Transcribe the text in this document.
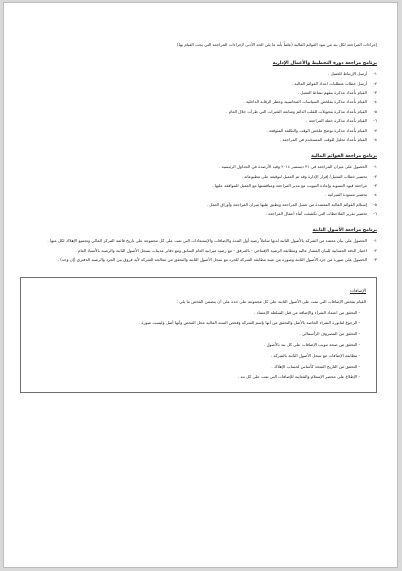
إجراءات المراجعة لكل بند من بنود القوائم المالية (علماً بأنه ما يلي الحد الأدنى لإجراءات المراجعة التي يجب القيام بها)

برنامج مراجعة دورة التخطيط والأعمال الإدارية
١-أرسل الإرتباط للعميل .
٢-أرسل خطاب متطلبات اعداد القوائم المالية .
٣-القيام بأعداد مذكرة بتفهم نشاط العميل .
٤-القيام بأعداد مذكرة بملخص السياسات المحاسبية وعطر الرقابة الداخلية .
٥-القيام بأعداد مذكرة بتحويلات للقلب الدائم ومتابعة التغيرات التي طرأت خلال العام .
٦-القيام بأعداد مذكرة خطة المراجعة .
٧-القيام بأعداد مذكرة توضح ملخص الوقت والتكلفة المتوقعة .
٨-القيام بأعداد تحليل للوقت المستخدم في المراجعة .
برنامج مراجعة القوائم المالية
١-الحصول على ميزان المراجعة في ٣١ ديسمبر ٢٠١٤ وقيد الأرصدة في الجداول الرئيسية .
٢-تحضير خطاب التمثيل/ إقرار الإدارة وقد تم العميل لتوقيعه على مطبوعاته .
٣-مراجعة قيود التسوية وإعادة التبويب مع مدير المراجعة ومناقشتها مع العميل للموافقة عليها .
٤-تحضير مسودة الميزانية .
٥-إستلام القوائم المالية المعتمدة من عميل المراجعة ويطبق عليها ميزان المراجعة وأوراق العمل .
٦-تحضير تقرير الملاحظات التي تكشفت أثناء أعمال المراجعة .
برنامج مراجعة الأصول الثابتة
١-الحصول على بيان معتمد من الشركة بالأصول الثابتة لديها شاملاً رصيد أول المدة والإضافات والإستبعادات التي تمت على كل مجموعة على تاريخ قائمة المركز المالي وتجميع الإهلاك لكل منها .
٢-اختبار الدقة الحسابية للبيان المشار عاليه ومطابقة الرصيد الإفتتاحي - بالمرفق - مع رصيد ميزانية العام السابق ومع دفاتر مدينات بسجل الأصول الثابتة والرصيد بالأستاذ العام .
٣-الحصول على صورة من جرد الأصول الثابتة وصورة من عينة مطابقة الشركة للجرد مع سجل الأصول الثابتة والتحقق من معالجة الشركة لأية فروق بين الجرد والرصيد الدفتري (إن وجد) .
الإضافات
القيام بفحص الإضافات التي تمت على الأصول الثابتة على كل مجموعة على حدة على أن يتضمن الفحص ما يلي :
- التحقق من اعتماد الشراء والإضافة من قبل السلطة الإعتماد .
- الرجوع لفاتورة الشراء الخاصة بالأصل والتحقق من أنها بإسم الشركة وفحص السنة المالية محل الفحص وأنها أصل وليست صورة .
- التحقق من المصروف الرأسمالي .
- التحقق من صحة تبويب الإضافات على كل بند بالأصول .
- مطابقة الإضافات مع سجل الأصول الثابتة بالشركة .
- التحقق من التاريخ المتخذ كأساس لحساب الإهلاك .
- الإطلاع على محضر الإستلام والمعاينة للإضافات التي تمت على كل بند .
